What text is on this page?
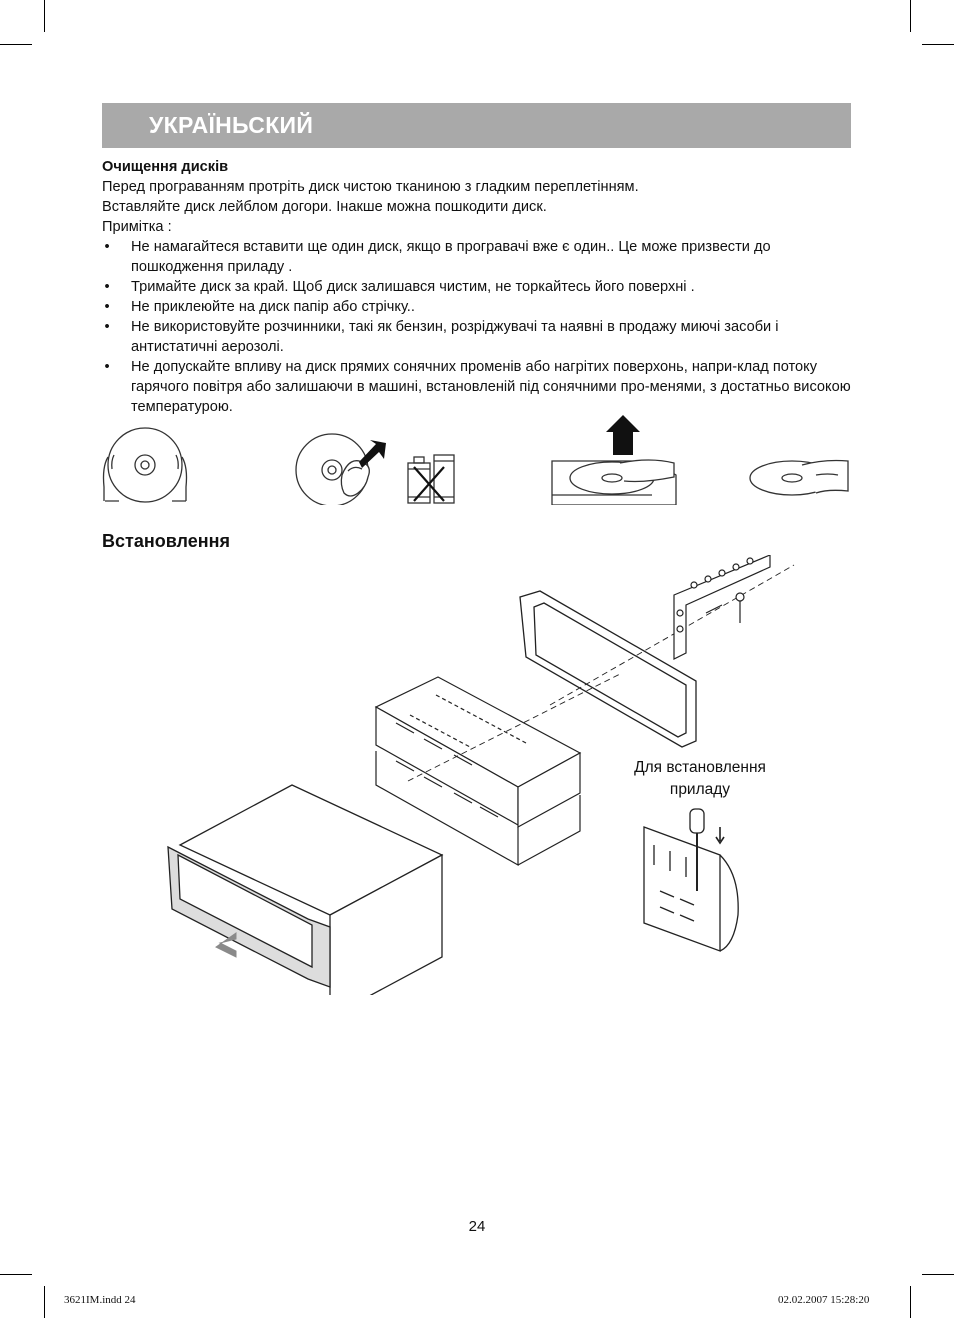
УКРАЇНЬСКИЙ

Очищення дисків

Перед програванням протріть диск чистою тканиною з гладким переплетінням.

Вставляйте диск лейблом догори. Інакше можна пошкодити диск.

Примітка :

• Не намагайтеся вставити ще один диск, якщо в програвачі вже є один.. Це може призвести до пошкодження приладу .
• Тримайте диск за край. Щоб диск залишався чистим, не торкайтесь його поверхні .
• Не приклеюйте на диск папір або стрічку..
• Не використовуйте розчинники, такі як бензин, розріджувачі та наявні в продажу миючі засоби і антистатичні аерозолі.
• Не допускайте впливу на диск прямих сонячних променів або нагрітих поверхонь, напри-клад потоку гарячого повітря або залишаючи в машині, встановленій під сонячними про-менями, з достатньо високою температурою.
Встановлення
Для встановлення
приладу
24
3621IM.indd 24	02.02.2007 15:28:20
